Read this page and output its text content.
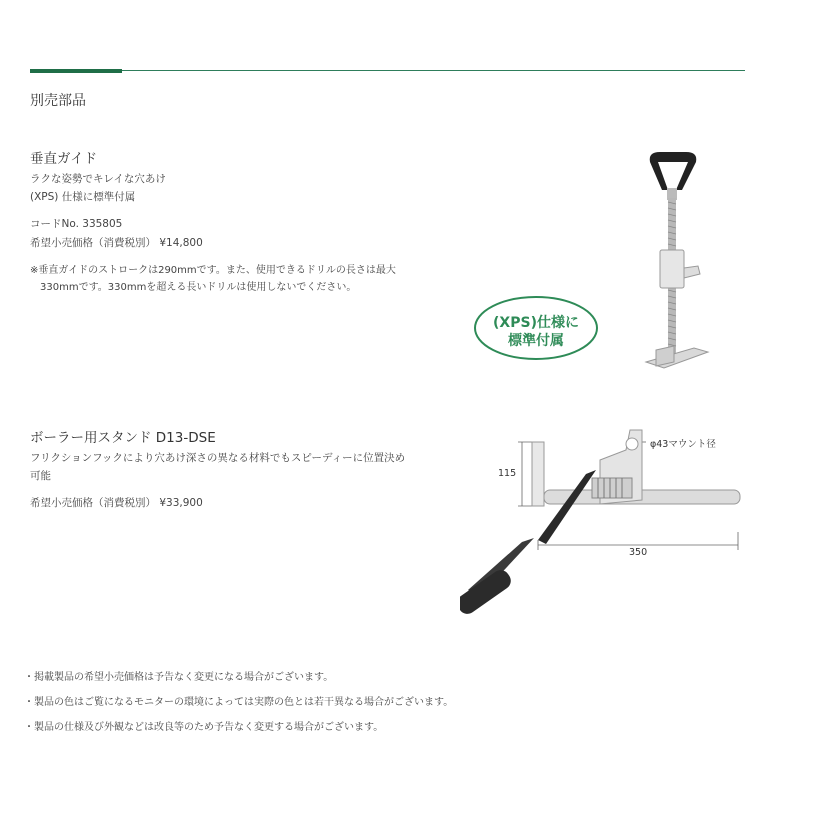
別売部品
垂直ガイド
ラクな姿勢でキレイな穴あけ
(XPS) 仕様に標準付属
コードNo. 335805
希望小売価格（消費税別） ¥14,800
※垂直ガイドのストロークは290mmです。また、使用できるドリルの長さは最大
330mmです。330mmを超える長いドリルは使用しないでください。
(XPS)仕様に
標準付属
ボーラー用スタンド D13-DSE
フリクションフックにより穴あけ深さの異なる材料でもスピーディーに位置決め
可能
希望小売価格（消費税別） ¥33,900
115
350
φ43マウント径
・掲載製品の希望小売価格は予告なく変更になる場合がございます。
・製品の色はご覧になるモニターの環境によっては実際の色とは若干異なる場合がございます。
・製品の仕様及び外観などは改良等のため予告なく変更する場合がございます。
